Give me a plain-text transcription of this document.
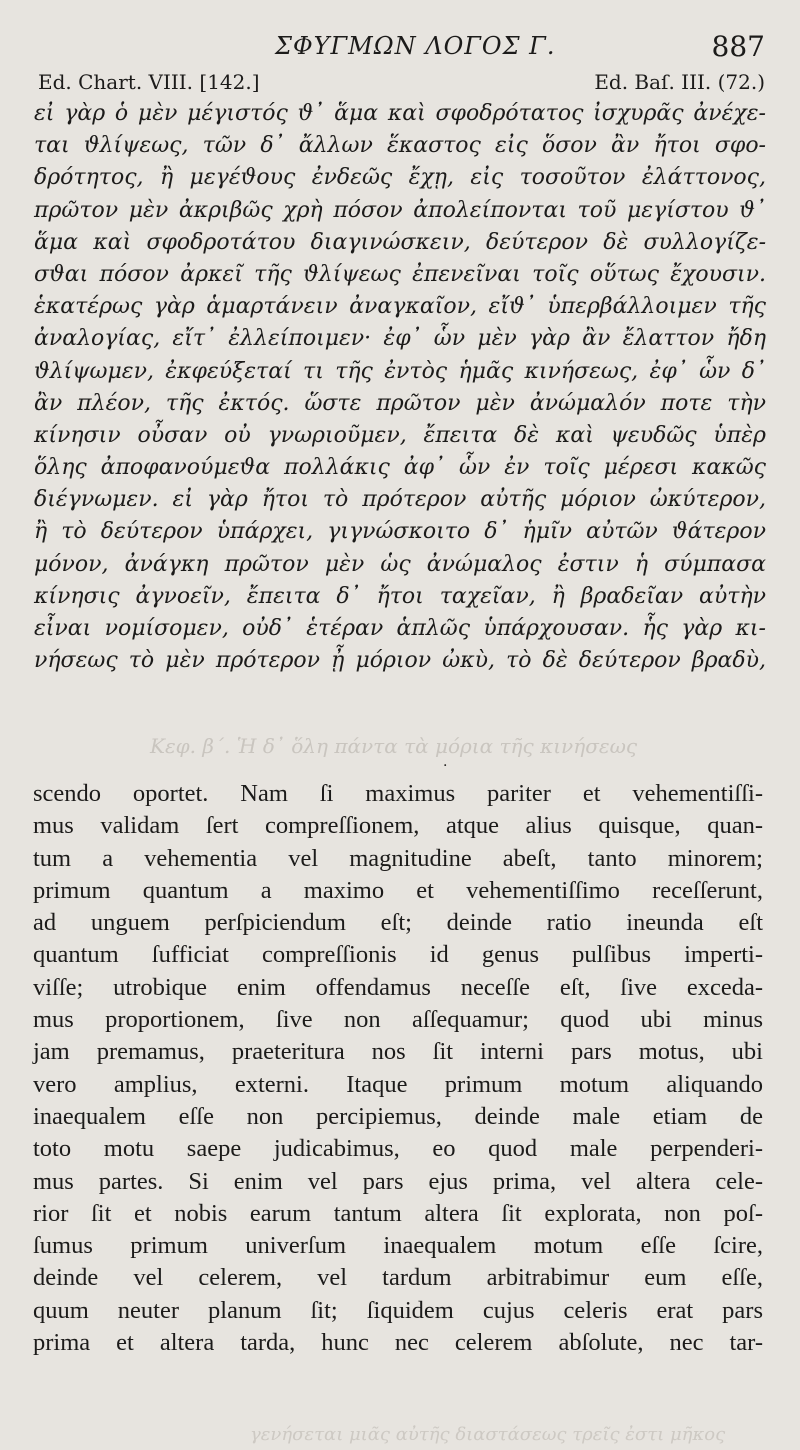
ΣΦΥΓΜΩΝ ΛΟΓΟΣ Γ.	887
Ed. Chart. VIII. [142.]	Ed. Baſ. III. (72.)
εἰ γὰρ ὁ μὲν μέγιστός ϑ᾽ ἅμα καὶ σφοδρότατος ἰσχυρᾶς ἀνέχε-
ται ϑλίψεως, τῶν δ᾽ ἄλλων ἕκαστος εἰς ὅσον ἂν ἤτοι σφο-
δρότητος, ἢ μεγέϑους ἐνδεῶς ἔχῃ, εἰς τοσοῦτον ἐλάττονος,
πρῶτον μὲν ἀκριβῶς χρὴ πόσον ἀπολείπονται τοῦ μεγίστου ϑ᾽
ἅμα καὶ σφοδροτάτου διαγινώσκειν, δεύτερον δὲ συλλογίζε-
σϑαι πόσον ἀρκεῖ τῆς ϑλίψεως ἐπενεῖναι τοῖς οὕτως ἔχουσιν.
ἑκατέρως γὰρ ἁμαρτάνειν ἀναγκαῖον, εἴϑ᾽ ὑπερβάλλοιμεν τῆς
ἀναλογίας, εἴτ᾽ ἐλλείποιμεν· ἐφ᾽ ὧν μὲν γὰρ ἂν ἔλαττον ἤδη
ϑλίψωμεν, ἐκφεύξεταί τι τῆς ἐντὸς ἡμᾶς κινήσεως, ἐφ᾽ ὧν δ᾽
ἂν πλέον, τῆς ἐκτός. ὥστε πρῶτον μὲν ἀνώμαλόν ποτε τὴν
κίνησιν οὖσαν οὐ γνωριοῦμεν, ἔπειτα δὲ καὶ ψευδῶς ὑπὲρ
ὅλης ἀποφανούμεϑα πολλάκις ἀφ᾽ ὧν ἐν τοῖς μέρεσι κακῶς
διέγνωμεν. εἰ γὰρ ἤτοι τὸ πρότερον αὐτῆς μόριον ὠκύτερον,
ἢ τὸ δεύτερον ὑπάρχει, γιγνώσκοιτο δ᾽ ἡμῖν αὐτῶν ϑάτερον
μόνον, ἀνάγκη πρῶτον μὲν ὡς ἀνώμαλος ἐστιν ἡ σύμπασα
κίνησις ἀγνοεῖν, ἔπειτα δ᾽ ἤτοι ταχεῖαν, ἢ βραδεῖαν αὐτὴν
εἶναι νομίσομεν, οὐδ᾽ ἑτέραν ἁπλῶς ὑπάρχουσαν. ἧς γὰρ κι-
νήσεως τὸ μὲν πρότερον ᾖ μόριον ὠκὺ, τὸ δὲ δεύτερον βραδὺ,
Κεφ. β΄. Ἡ δ᾽ ὅλη πάντα τὰ μόρια τῆς κινήσεως
·
scendo oportet. Nam ſi maximus pariter et vehementiſſi-
mus validam ſert compreſſionem, atque alius quisque, quan-
tum a vehementia vel magnitudine abeſt, tanto minorem;
primum quantum a maximo et vehementiſſimo receſſerunt,
ad unguem perſpiciendum eſt; deinde ratio ineunda eſt
quantum ſufficiat compreſſionis id genus pulſibus imperti-
viſſe; utrobique enim offendamus neceſſe eſt, ſive exceda-
mus proportionem, ſive non aſſequamur; quod ubi minus
jam premamus, praeteritura nos ſit interni pars motus, ubi
vero amplius, externi. Itaque primum motum aliquando
inaequalem eſſe non percipiemus, deinde male etiam de
toto motu saepe judicabimus, eo quod male perpenderi-
mus partes. Si enim vel pars ejus prima, vel altera cele-
rior ſit et nobis earum tantum altera ſit explorata, non poſ-
ſumus primum univerſum inaequalem motum eſſe ſcire,
deinde vel celerem, vel tardum arbitrabimur eum eſſe,
quum neuter planum ſit; ſiquidem cujus celeris erat pars
prima et altera tarda, hunc nec celerem abſolute, nec tar-
γενήσεται μιᾶς αὐτῆς διαστάσεως τρεῖς ἐστι μῆκος
